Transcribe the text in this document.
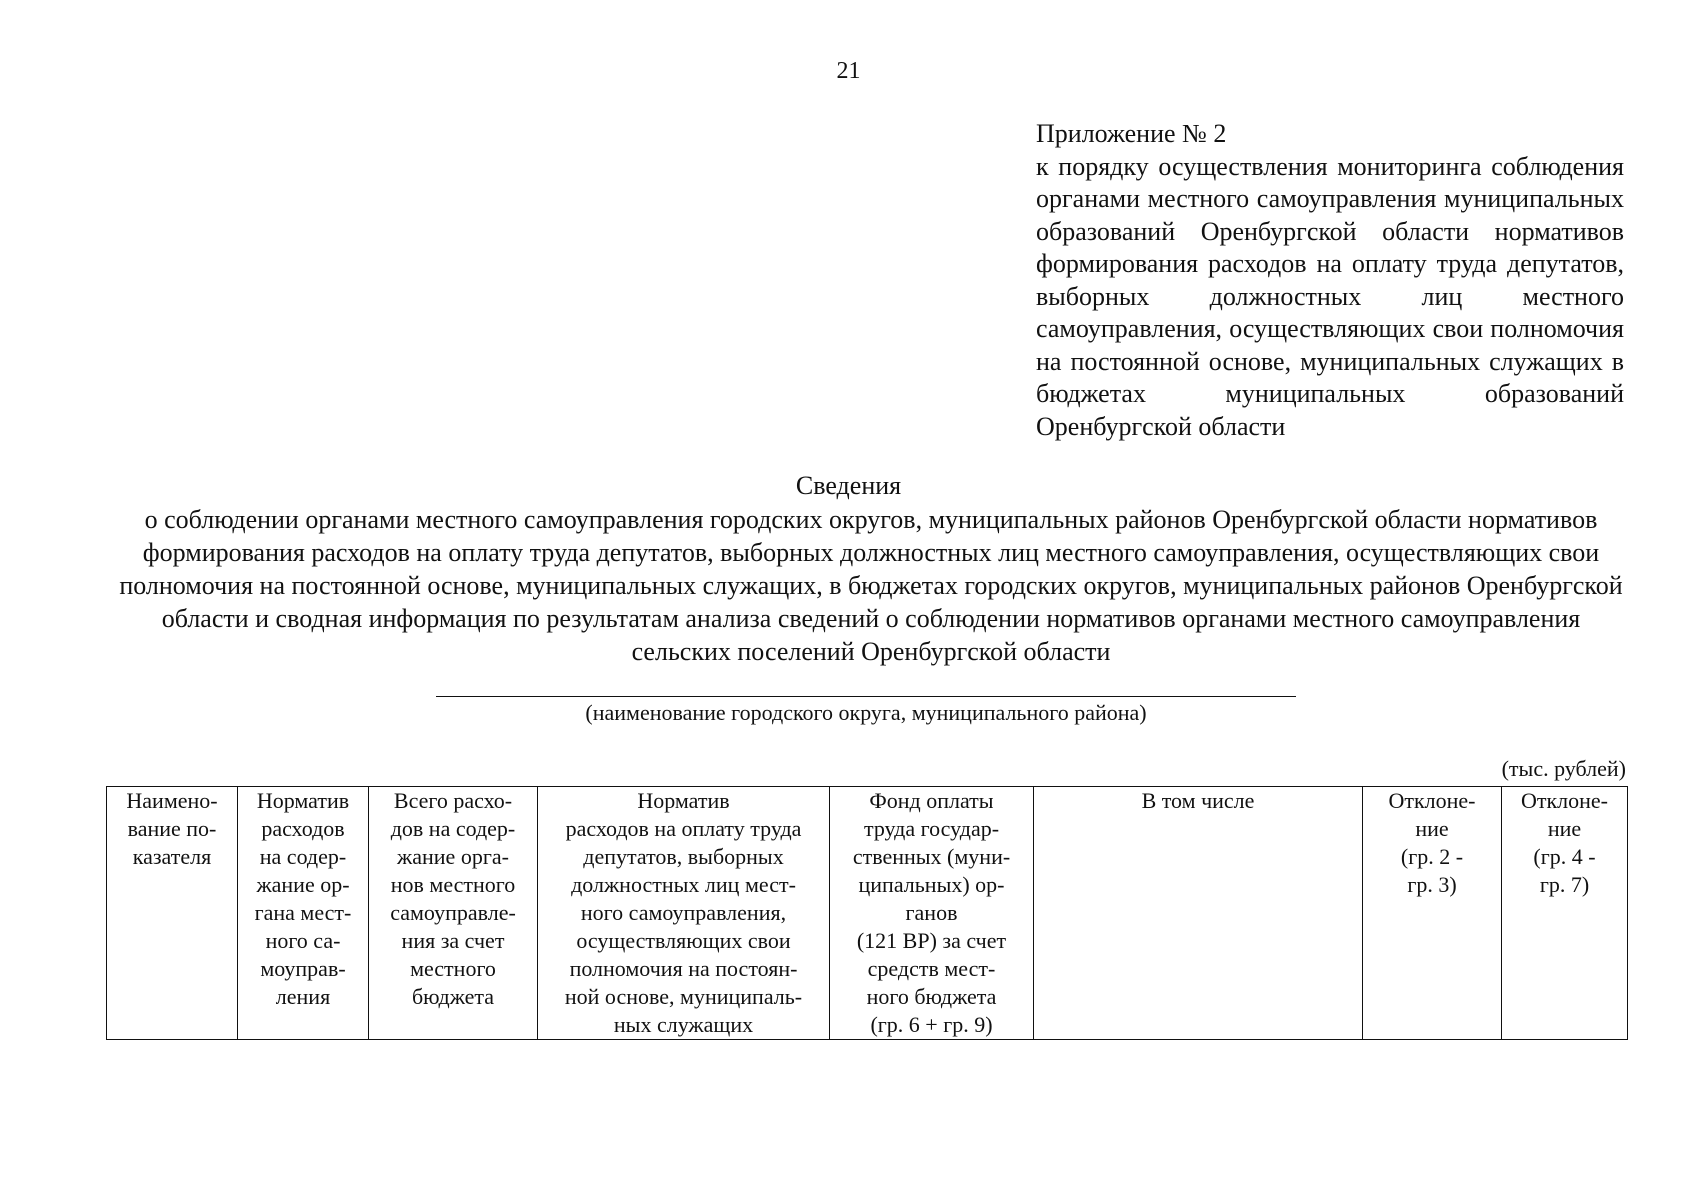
21
Приложение № 2
к порядку осуществления мониторинга соблюдения органами местного самоуправления муниципальных образований Оренбургской области нормативов формирования расходов на оплату труда депутатов, выборных должностных лиц местного самоуправления, осуществляющих свои полномочия на постоянной основе, муниципальных служащих в бюджетах муниципальных образований Оренбургской области
Сведения
о соблюдении органами местного самоуправления городских округов, муниципальных районов Оренбургской области нормативов формирования расходов на оплату труда депутатов, выборных должностных лиц местного самоуправления, осуществляющих свои полномочия на постоянной основе, муниципальных служащих, в бюджетах городских округов, муниципальных районов Оренбургской области и сводная информация по результатам анализа сведений о соблюдении нормативов органами местного самоуправления сельских поселений Оренбургской области
(наименование городского округа, муниципального района)
(тыс. рублей)
Наимено-
вание по-
казателя	Норматив
расходов
на содер-
жание ор-
гана мест-
ного са-
моуправ-
ления	Всего расхо-
дов на содер-
жание орга-
нов местного
самоуправле-
ния за счет
местного
бюджета	Норматив
расходов на оплату труда
депутатов, выборных
должностных лиц мест-
ного самоуправления,
осуществляющих свои
полномочия на постоян-
ной основе, муниципаль-
ных служащих	Фонд оплаты
труда государ-
ственных (муни-
ципальных) ор-
ганов
(121 ВР) за счет
средств мест-
ного бюджета
(гр. 6 + гр. 9)	В том числе	Отклоне-
ние
(гр. 2 -
гр. 3)	Отклоне-
ние
(гр. 4 -
гр. 7)
